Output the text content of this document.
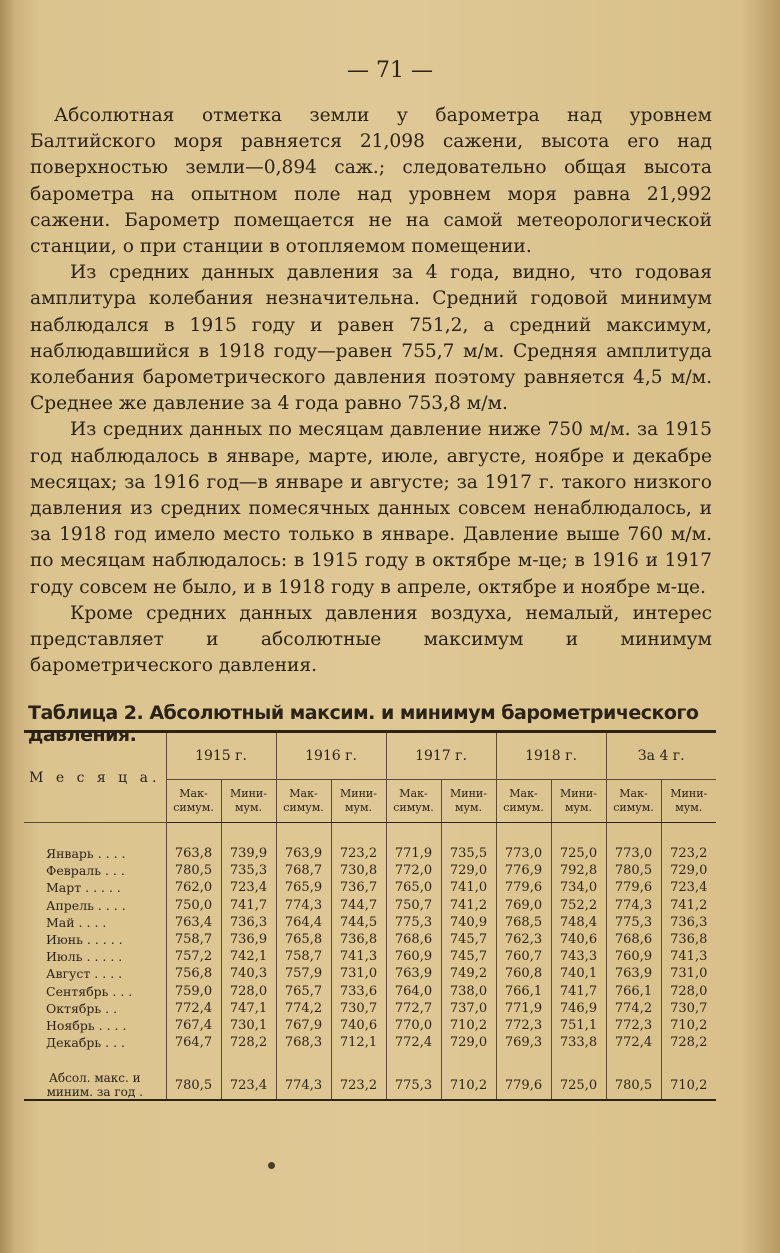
— 71 —

Абсолютная отметка земли у барометра над уровнем Балтийского моря равняется 21,098 сажени, высота его над поверхностью земли—0,894 саж.; следовательно общая высота барометра на опытном поле над уровнем моря равна 21,992 сажени. Барометр помещается не на самой метеорологической станции, о при станции в отопляемом помещении.

Из средних данных давления за 4 года, видно, что годовая амплитура колебания незначительна. Средний годовой минимум наблюдался в 1915 году и равен 751,2, а средний максимум, наблюдавшийся в 1918 году—равен 755,7 м/м. Средняя амплитуда колебания барометрического давления поэтому равняется 4,5 м/м. Среднее же давление за 4 года равно 753,8 м/м.

Из средних данных по месяцам давление ниже 750 м/м. за 1915 год наблюдалось в январе, марте, июле, августе, ноябре и декабре месяцах; за 1916 год—в январе и августе; за 1917 г. такого низкого давления из средних помесячных данных совсем ненаблюдалось, и за 1918 год имело место только в январе. Давление выше 760 м/м. по месяцам наблюдалось: в 1915 году в октябре м-це; в 1916 и 1917 году совсем не было, и в 1918 году в апреле, октябре и ноябре м-це.

Кроме средних данных давления воздуха, немалый, интерес представляет и абсолютные максимум и минимум барометрического давления.

Таблица 2. Абсолютный максим. и минимум барометрического давления.
М е с я ц а.	1915 г.		1916 г.		1917 г.		1918 г.		За 4 г.	
	Мак-симум.	Мини-мум.	Мак-симум.	Мини-мум.	Мак-симум.	Мини-мум.	Мак-симум.	Мини-мум.	Мак-симум.	Мини-мум.

Январь . . . .	763,8	739,9	763,9	723,2	771,9	735,5	773,0	725,0	773,0	723,2
Февраль . . .	780,5	735,3	768,7	730,8	772,0	729,0	776,9	792,8	780,5	729,0
Март . . . . .	762,0	723,4	765,9	736,7	765,0	741,0	779,6	734,0	779,6	723,4
Апрель . . . .	750,0	741,7	774,3	744,7	750,7	741,2	769,0	752,2	774,3	741,2
Май . . . .	763,4	736,3	764,4	744,5	775,3	740,9	768,5	748,4	775,3	736,3
Июнь . . . . .	758,7	736,9	765,8	736,8	768,6	745,7	762,3	740,6	768,6	736,8
Июль . . . . .	757,2	742,1	758,7	741,3	760,9	745,7	760,7	743,3	760,9	741,3
Август . . . .	756,8	740,3	757,9	731,0	763,9	749,2	760,8	740,1	763,9	731,0
Сентябрь . . .	759,0	728,0	765,7	733,6	764,0	738,0	766,1	741,7	766,1	728,0
Октябрь . .	772,4	747,1	774,2	730,7	772,7	737,0	771,9	746,9	774,2	730,7
Ноябрь . . . .	767,4	730,1	767,9	740,6	770,0	710,2	772,3	751,1	772,3	710,2
Декабрь . . .	764,7	728,2	768,3	712,1	772,4	729,0	769,3	733,8	772,4	728,2

Абсол. макс. и миним. за год .	780,5	723,4	774,3	723,2	775,3	710,2	779,6	725,0	780,5	710,2
